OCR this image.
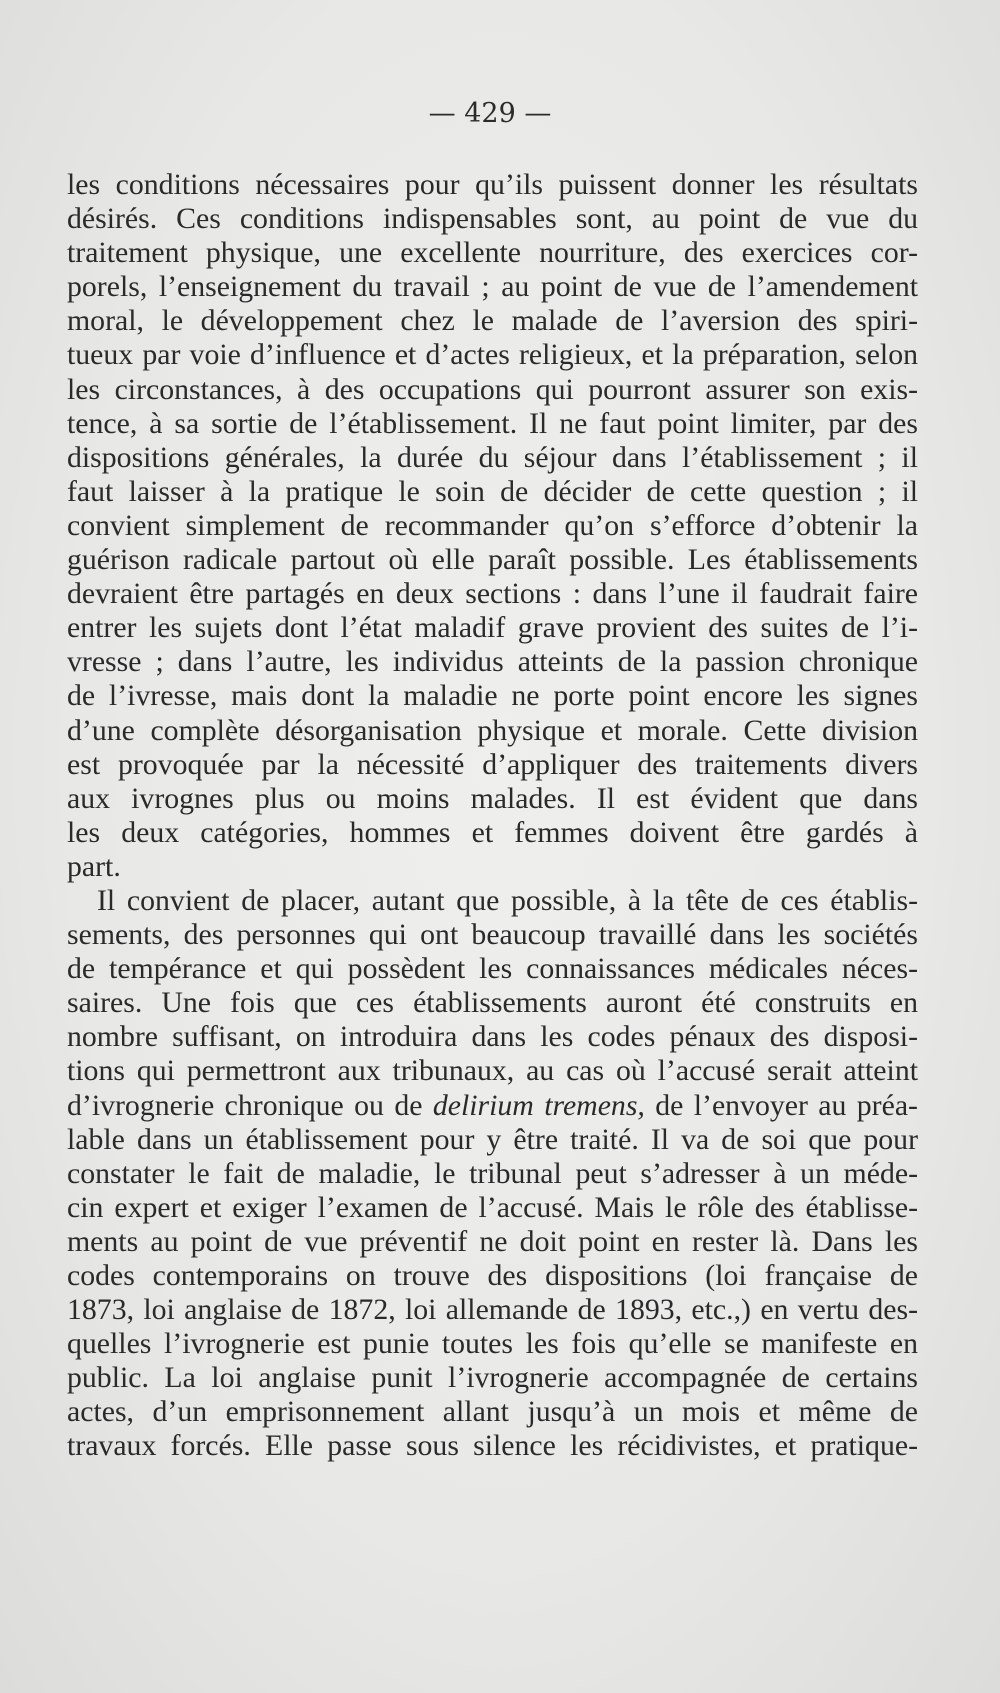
— 429 —
les conditions nécessaires pour qu’ils puissent donner les résultats
désirés. Ces conditions indispensables sont, au point de vue du
traitement physique, une excellente nourriture, des exercices cor-
porels, l’enseignement du travail ; au point de vue de l’amendement
moral, le développement chez le malade de l’aversion des spiri-
tueux par voie d’influence et d’actes religieux, et la préparation, selon
les circonstances, à des occupations qui pourront assurer son exis-
tence, à sa sortie de l’établissement. Il ne faut point limiter, par des
dispositions générales, la durée du séjour dans l’établissement ; il
faut laisser à la pratique le soin de décider de cette question ; il
convient simplement de recommander qu’on s’efforce d’obtenir la
guérison radicale partout où elle paraît possible. Les établissements
devraient être partagés en deux sections : dans l’une il faudrait faire
entrer les sujets dont l’état maladif grave provient des suites de l’i-
vresse ; dans l’autre, les individus atteints de la passion chronique
de l’ivresse, mais dont la maladie ne porte point encore les signes
d’une complète désorganisation physique et morale. Cette division
est provoquée par la nécessité d’appliquer des traitements divers
aux ivrognes plus ou moins malades. Il est évident que dans
les deux catégories, hommes et femmes doivent être gardés à
part.
Il convient de placer, autant que possible, à la tête de ces établis-
sements, des personnes qui ont beaucoup travaillé dans les sociétés
de tempérance et qui possèdent les connaissances médicales néces-
saires. Une fois que ces établissements auront été construits en
nombre suffisant, on introduira dans les codes pénaux des disposi-
tions qui permettront aux tribunaux, au cas où l’accusé serait atteint
d’ivrognerie chronique ou de delirium tremens, de l’envoyer au préa-
lable dans un établissement pour y être traité. Il va de soi que pour
constater le fait de maladie, le tribunal peut s’adresser à un méde-
cin expert et exiger l’examen de l’accusé. Mais le rôle des établisse-
ments au point de vue préventif ne doit point en rester là. Dans les
codes contemporains on trouve des dispositions (loi française de
1873, loi anglaise de 1872, loi allemande de 1893, etc.,) en vertu des-
quelles l’ivrognerie est punie toutes les fois qu’elle se manifeste en
public. La loi anglaise punit l’ivrognerie accompagnée de certains
actes, d’un emprisonnement allant jusqu’à un mois et même de
travaux forcés. Elle passe sous silence les récidivistes, et pratique-
